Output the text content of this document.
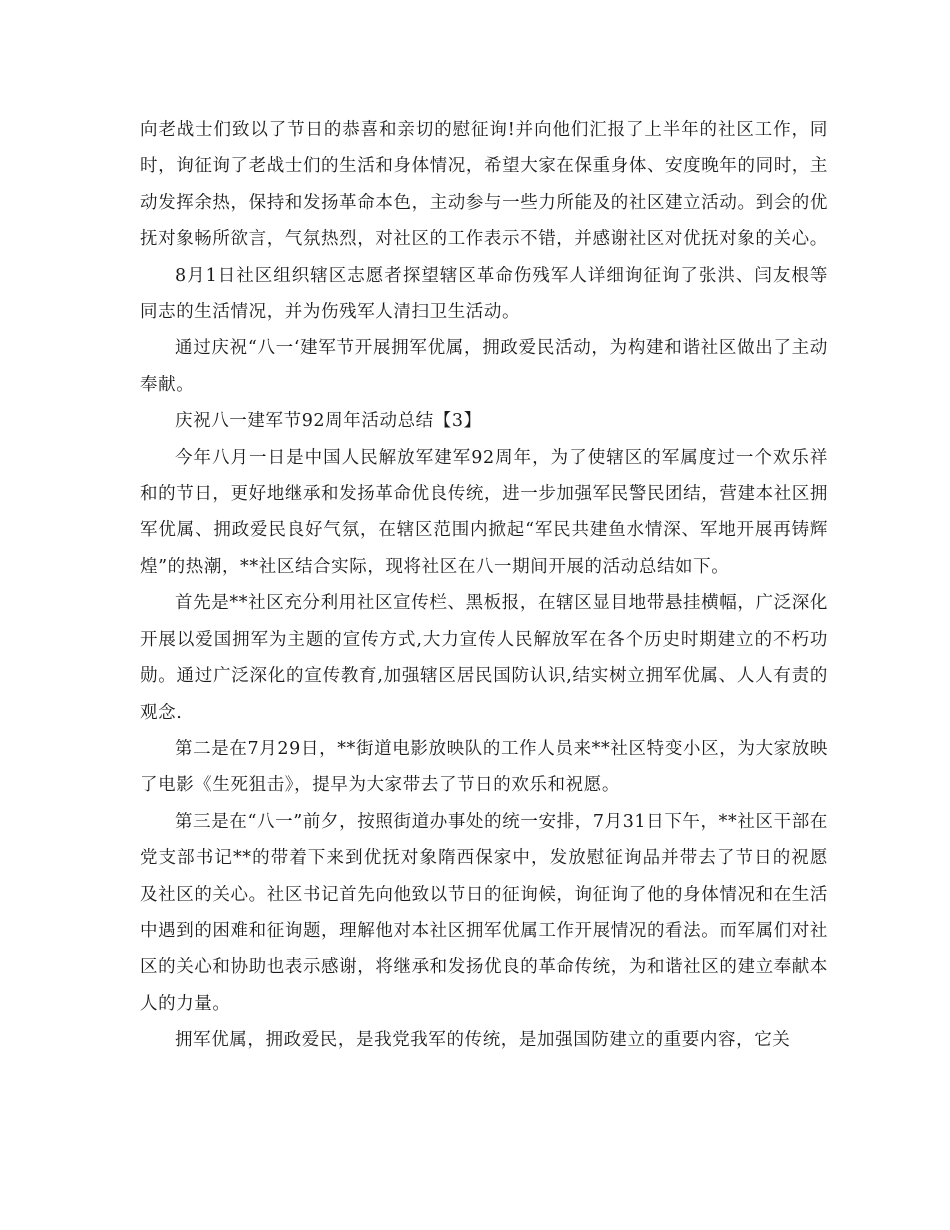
向老战士们致以了节日的恭喜和亲切的慰征询!并向他们汇报了上半年的社区工作，同时，询征询了老战士们的生活和身体情况，希望大家在保重身体、安度晚年的同时，主动发挥余热，保持和发扬革命本色，主动参与一些力所能及的社区建立活动。到会的优抚对象畅所欲言，气氛热烈，对社区的工作表示不错，并感谢社区对优抚对象的关心。

8月1日社区组织辖区志愿者探望辖区革命伤残军人详细询征询了张洪、闫友根等同志的生活情况，并为伤残军人清扫卫生活动。

通过庆祝“八一‘建军节开展拥军优属，拥政爱民活动，为构建和谐社区做出了主动奉献。

庆祝八一建军节92周年活动总结【3】

今年八月一日是中国人民解放军建军92周年，为了使辖区的军属度过一个欢乐祥和的节日，更好地继承和发扬革命优良传统，进一步加强军民警民团结，营建本社区拥军优属、拥政爱民良好气氛，在辖区范围内掀起“军民共建鱼水情深、军地开展再铸辉煌”的热潮，**社区结合实际，现将社区在八一期间开展的活动总结如下。

首先是**社区充分利用社区宣传栏、黑板报，在辖区显目地带悬挂横幅，广泛深化开展以爱国拥军为主题的宣传方式,大力宣传人民解放军在各个历史时期建立的不朽功勋。通过广泛深化的宣传教育,加强辖区居民国防认识,结实树立拥军优属、人人有责的观念.

第二是在7月29日，**街道电影放映队的工作人员来**社区特变小区，为大家放映了电影《生死狙击》，提早为大家带去了节日的欢乐和祝愿。

第三是在“八一”前夕，按照街道办事处的统一安排，7月31日下午，**社区干部在党支部书记**的带着下来到优抚对象隋西保家中，发放慰征询品并带去了节日的祝愿及社区的关心。社区书记首先向他致以节日的征询候，询征询了他的身体情况和在生活中遇到的困难和征询题，理解他对本社区拥军优属工作开展情况的看法。而军属们对社区的关心和协助也表示感谢，将继承和发扬优良的革命传统，为和谐社区的建立奉献本人的力量。

拥军优属，拥政爱民，是我党我军的传统，是加强国防建立的重要内容，它关
